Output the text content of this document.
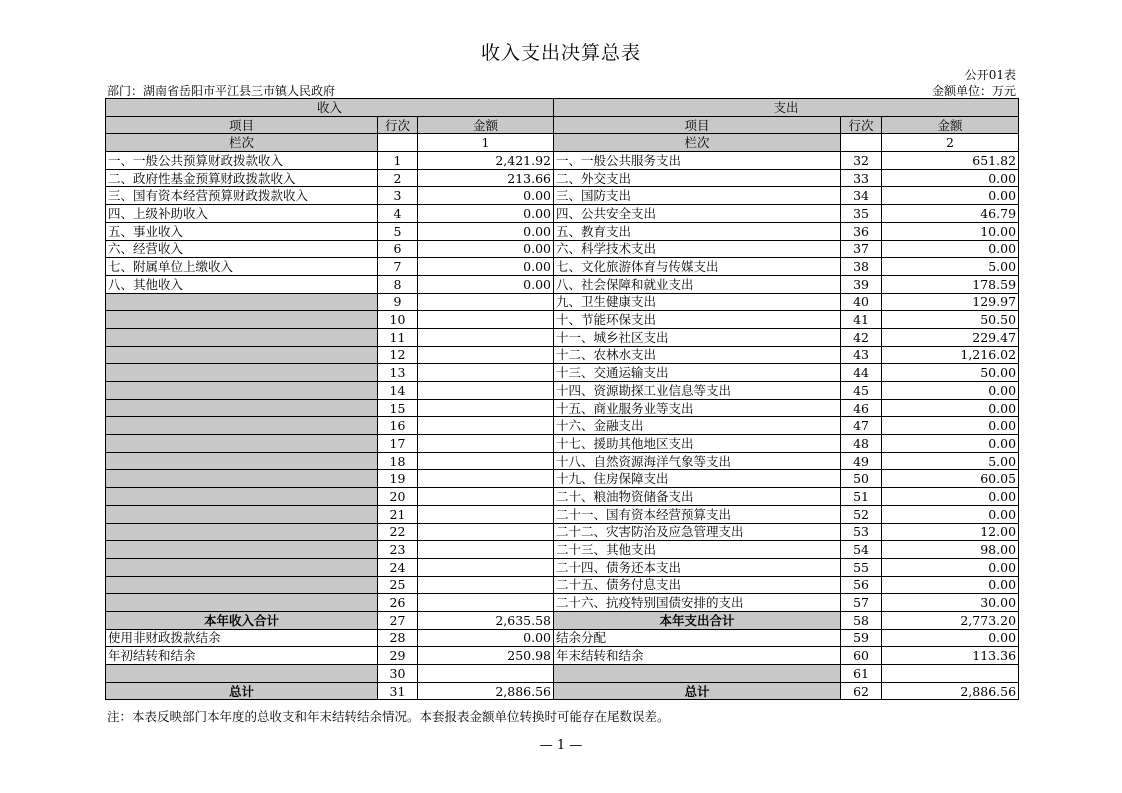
收入支出决算总表
公开01表
部门：湖南省岳阳市平江县三市镇人民政府	金额单位：万元
收入			支出		
项目	行次	金额	项目	行次	金额
栏次		1	栏次		2
一、一般公共预算财政拨款收入	1	2,421.92	一、一般公共服务支出	32	651.82
二、政府性基金预算财政拨款收入	2	213.66	二、外交支出	33	0.00
三、国有资本经营预算财政拨款收入	3	0.00	三、国防支出	34	0.00
四、上级补助收入	4	0.00	四、公共安全支出	35	46.79
五、事业收入	5	0.00	五、教育支出	36	10.00
六、经营收入	6	0.00	六、科学技术支出	37	0.00
七、附属单位上缴收入	7	0.00	七、文化旅游体育与传媒支出	38	5.00
八、其他收入	8	0.00	八、社会保障和就业支出	39	178.59
	9		九、卫生健康支出	40	129.97
	10		十、节能环保支出	41	50.50
	11		十一、城乡社区支出	42	229.47
	12		十二、农林水支出	43	1,216.02
	13		十三、交通运输支出	44	50.00
	14		十四、资源勘探工业信息等支出	45	0.00
	15		十五、商业服务业等支出	46	0.00
	16		十六、金融支出	47	0.00
	17		十七、援助其他地区支出	48	0.00
	18		十八、自然资源海洋气象等支出	49	5.00
	19		十九、住房保障支出	50	60.05
	20		二十、粮油物资储备支出	51	0.00
	21		二十一、国有资本经营预算支出	52	0.00
	22		二十二、灾害防治及应急管理支出	53	12.00
	23		二十三、其他支出	54	98.00
	24		二十四、债务还本支出	55	0.00
	25		二十五、债务付息支出	56	0.00
	26		二十六、抗疫特别国债安排的支出	57	30.00
本年收入合计	27	2,635.58	本年支出合计	58	2,773.20
使用非财政拨款结余	28	0.00	结余分配	59	0.00
年初结转和结余	29	250.98	年末结转和结余	60	113.36
	30			61	
总计	31	2,886.56	总计	62	2,886.56
注：本表反映部门本年度的总收支和年末结转结余情况。本套报表金额单位转换时可能存在尾数误差。
— 1 —
